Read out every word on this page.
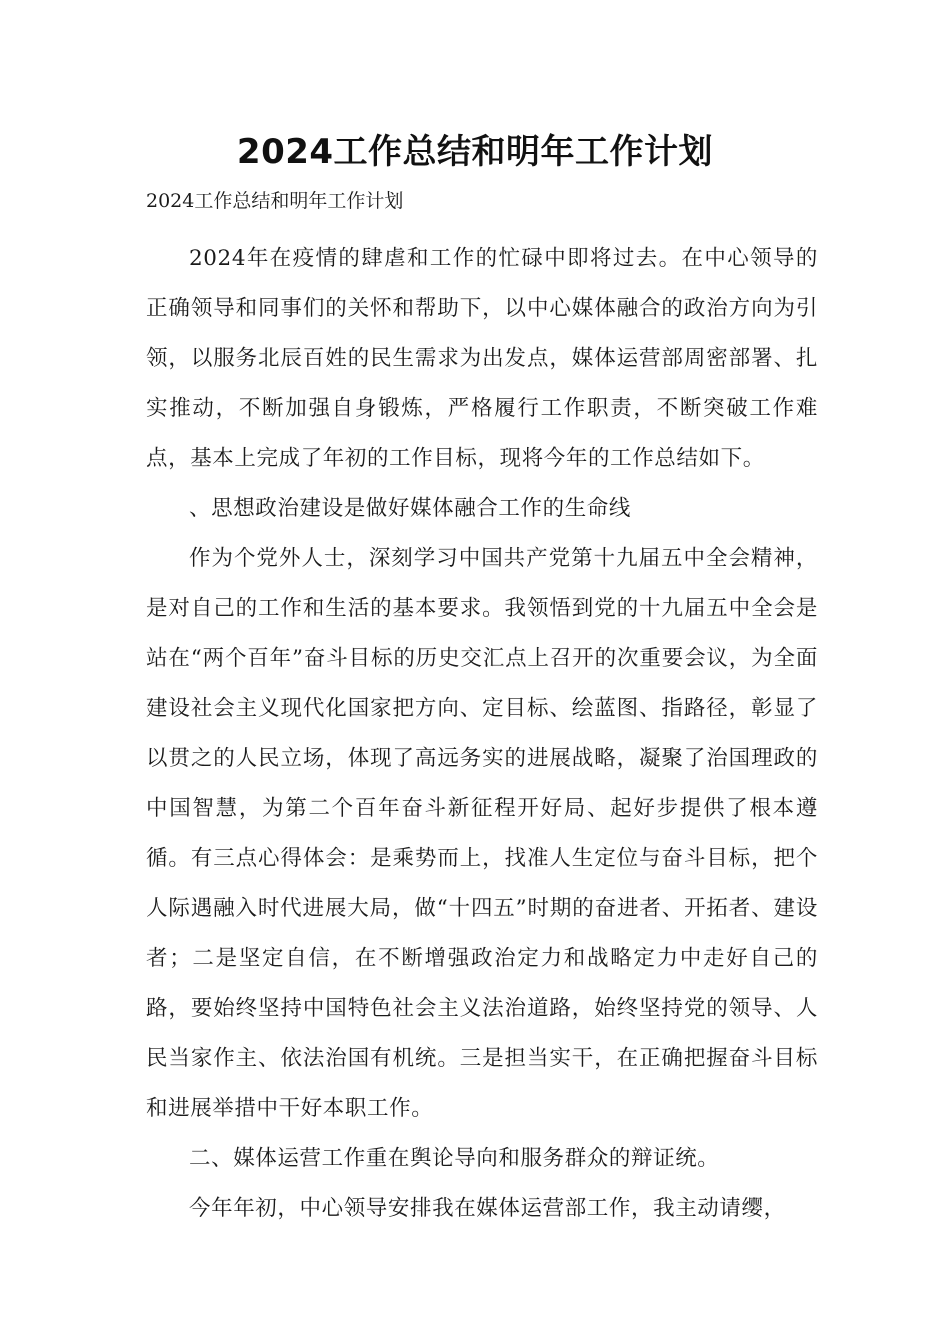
2024工作总结和明年工作计划

2024工作总结和明年工作计划

2024年在疫情的肆虐和工作的忙碌中即将过去。在中心领导的正确领导和同事们的关怀和帮助下，以中心媒体融合的政治方向为引领，以服务北辰百姓的民生需求为出发点，媒体运营部周密部署、扎实推动，不断加强自身锻炼，严格履行工作职责，不断突破工作难点，基本上完成了年初的工作目标，现将今年的工作总结如下。

、思想政治建设是做好媒体融合工作的生命线

作为个党外人士，深刻学习中国共产党第十九届五中全会精神，是对自己的工作和生活的基本要求。我领悟到党的十九届五中全会是站在“两个百年”奋斗目标的历史交汇点上召开的次重要会议，为全面建设社会主义现代化国家把方向、定目标、绘蓝图、指路径，彰显了以贯之的人民立场，体现了高远务实的进展战略，凝聚了治国理政的中国智慧，为第二个百年奋斗新征程开好局、起好步提供了根本遵循。有三点心得体会：是乘势而上，找准人生定位与奋斗目标，把个人际遇融入时代进展大局，做“十四五”时期的奋进者、开拓者、建设者；二是坚定自信，在不断增强政治定力和战略定力中走好自己的路，要始终坚持中国特色社会主义法治道路，始终坚持党的领导、人民当家作主、依法治国有机统。三是担当实干，在正确把握奋斗目标和进展举措中干好本职工作。

二、媒体运营工作重在舆论导向和服务群众的辩证统。

今年年初，中心领导安排我在媒体运营部工作，我主动请缨，
